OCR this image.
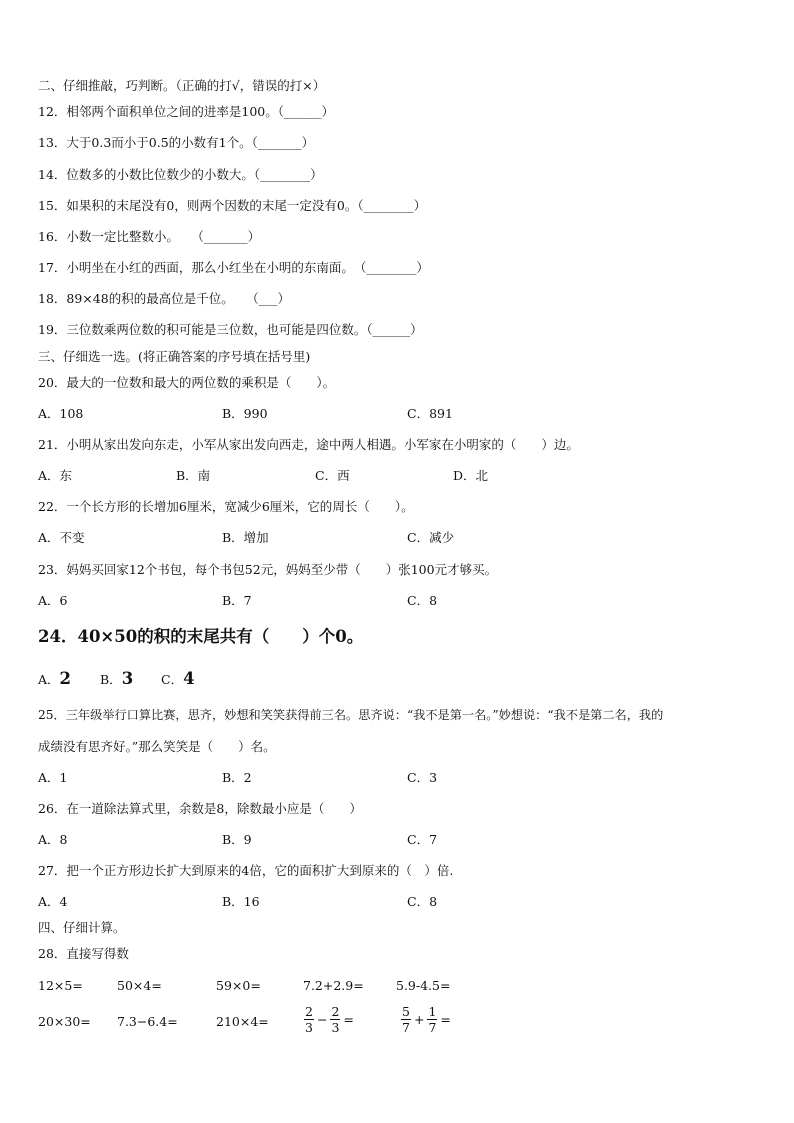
二、仔细推敲，巧判断。（正确的打√，错误的打×）
12．相邻两个面积单位之间的进率是100。（______）
13．大于0.3而小于0.5的小数有1个。（_______）
14．位数多的小数比位数少的小数大。（________）
15．如果积的末尾没有0，则两个因数的末尾一定没有0。（________）
16．小数一定比整数小。　　（_______）
17．小明坐在小红的西面，那么小红坐在小明的东南面。　（________）
18．89×48的积的最高位是千位。　　（___）
19．三位数乘两位数的积可能是三位数，也可能是四位数。（______）
三、仔细选一选。(将正确答案的序号填在括号里)
20．最大的一位数和最大的两位数的乘积是（　　）。
A．108	B．990	C．891
21．小明从家出发向东走，小军从家出发向西走，途中两人相遇。小军家在小明家的（　　）边。
A．东	B．南	C．西	D．北
22．一个长方形的长增加6厘米，宽减少6厘米，它的周长（　　）。
A．不变	B．增加	C．减少
23．妈妈买回家12个书包，每个书包52元，妈妈至少带（　　）张100元才够买。
A．6	B．7	C．8
24．40×50的积的末尾共有（　　）个0。
A．2 B．3 C．4
25．三年级举行口算比赛，思齐，妙想和笑笑获得前三名。思齐说：“我不是第一名。”妙想说：“我不是第二名，我的
成绩没有思齐好。”那么笑笑是（　　）名。
A．1	B．2	C．3
26．在一道除法算式里，余数是8，除数最小应是（　　）
A．8	B．9	C．7
27．把一个正方形边长扩大到原来的4倍，它的面积扩大到原来的（　）倍.
A．4	B．16	C．8
四、仔细计算。
28．直接写得数
12×5=	50×4=	59×0=	7.2+2.9=	5.9-4.5=
20×30= 7.3−6.4=	210×4=	$\frac{2}{3} - \frac{2}{3}$ =	$\frac{5}{7} + \frac{1}{7}$ =
